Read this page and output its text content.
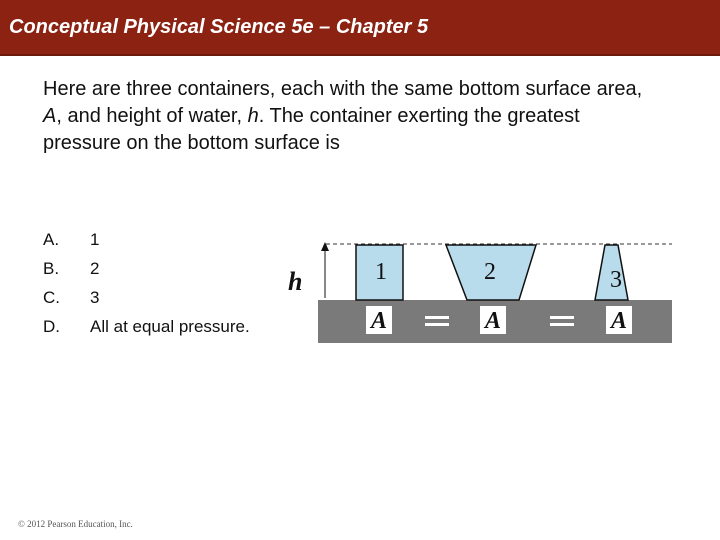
Conceptual Physical Science 5e – Chapter 5
Here are three containers, each with the same bottom surface area, A, and height of water, h. The container exerting the greatest pressure on the bottom surface is
A. 1
B. 2
C. 3
D. All at equal pressure.
h	1	2	3
A	A	A
© 2012 Pearson Education, Inc.
